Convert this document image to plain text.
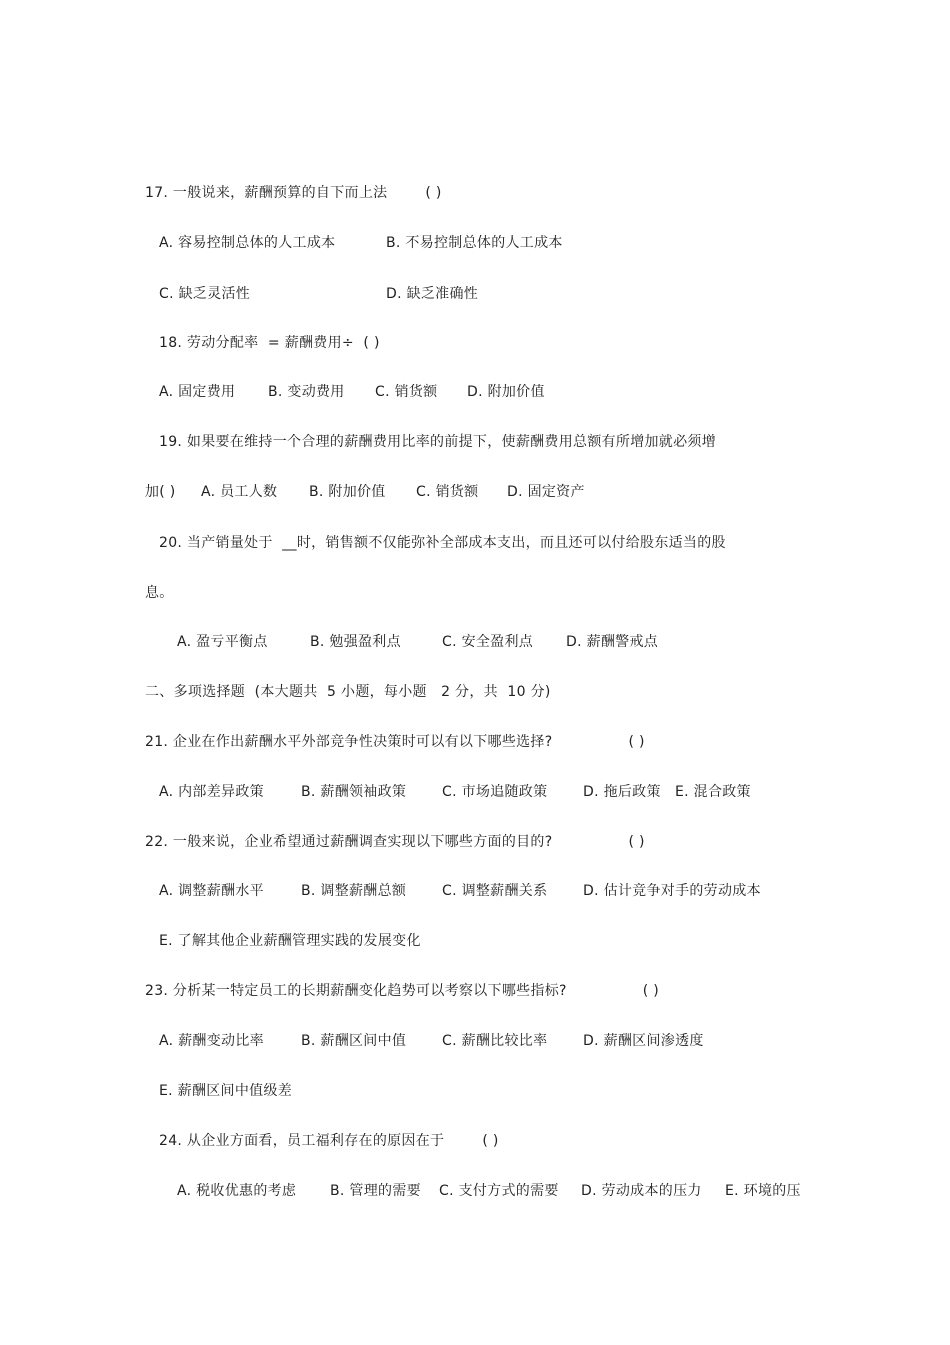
17. 一般说来，薪酬预算的自下而上法        ( )
A. 容易控制总体的人工成本	B. 不易控制总体的人工成本
C. 缺乏灵活性	D. 缺乏准确性
18. 劳动分配率  = 薪酬费用÷  ( )
A. 固定费用 B. 变动费用 C. 销货额 D. 附加价值
19. 如果要在维持一个合理的薪酬费用比率的前提下，使薪酬费用总额有所增加就必须增
加( ) A. 员工人数 B. 附加价值 C. 销货额 D. 固定资产
20. 当产销量处于  __时，销售额不仅能弥补全部成本支出，而且还可以付给股东适当的股
息。
A. 盈亏平衡点	B. 勉强盈利点	C. 安全盈利点 D. 薪酬警戒点
二、多项选择题  (本大题共  5 小题，每小题   2 分，共  10 分)
21. 企业在作出薪酬水平外部竞争性决策时可以有以下哪些选择?                ( )
A. 内部差异政策	B. 薪酬领袖政策	C. 市场追随政策	D. 拖后政策 E. 混合政策
22. 一般来说，企业希望通过薪酬调查实现以下哪些方面的目的?                ( )
A. 调整薪酬水平	B. 调整薪酬总额	C. 调整薪酬关系	D. 估计竞争对手的劳动成本
E. 了解其他企业薪酬管理实践的发展变化
23. 分析某一特定员工的长期薪酬变化趋势可以考察以下哪些指标?                ( )
A. 薪酬变动比率	B. 薪酬区间中值	C. 薪酬比较比率	D. 薪酬区间渗透度
E. 薪酬区间中值级差
24. 从企业方面看，员工福利存在的原因在于        ( )
A. 税收优惠的考虑 B. 管理的需要 C. 支付方式的需要 D. 劳动成本的压力 E. 环境的压
